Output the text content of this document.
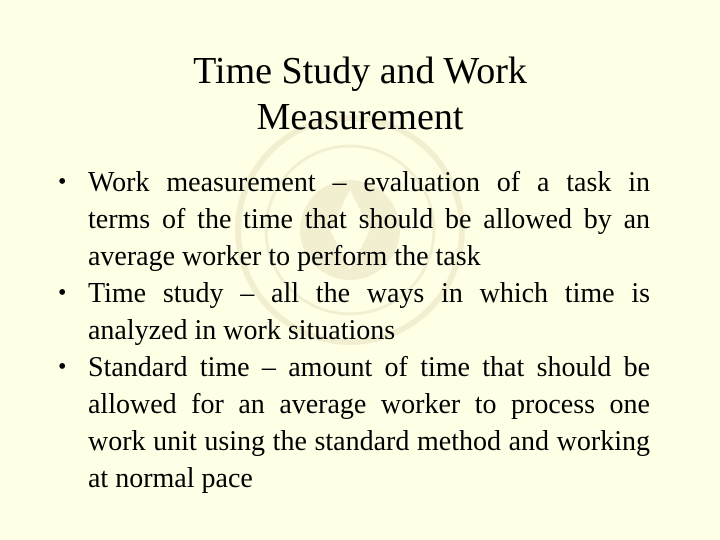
Time Study and Work
Measurement
• Work measurement – evaluation of a task in terms of the time that should be allowed by an average worker to perform the task
• Time study – all the ways in which time is analyzed in work situations
• Standard time – amount of time that should be allowed for an average worker to process one work unit using the standard method and working at normal pace
